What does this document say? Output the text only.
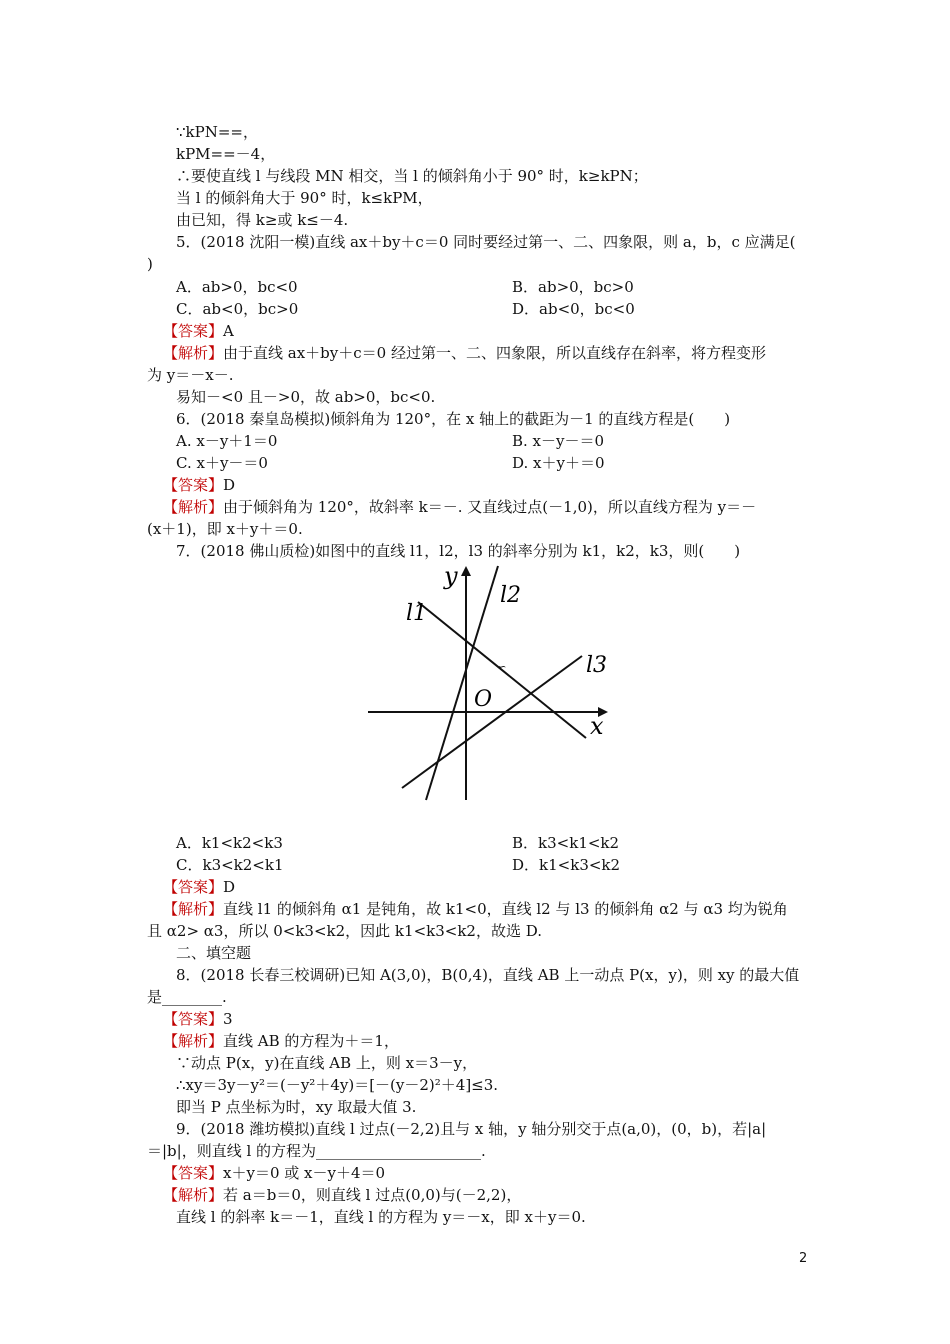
∵kPN==，
kPM==－4，
∴要使直线 l 与线段 MN 相交，当 l 的倾斜角小于 90° 时，k≥kPN；
当 l 的倾斜角大于 90° 时，k≤kPM，
由已知，得 k≥或 k≤－4.
5．(2018 沈阳一模)直线 ax＋by＋c＝0 同时要经过第一、二、四象限，则 a，b，c 应满足(
)
A．ab>0，bc<0	B．ab>0，bc>0
C．ab<0，bc>0	D．ab<0，bc<0
【答案】A
【解析】由于直线 ax＋by＋c＝0 经过第一、二、四象限，所以直线存在斜率，将方程变形
为 y＝－x－.
易知－<0 且－>0，故 ab>0，bc<0.
6．(2018 秦皇岛模拟)倾斜角为 120°，在 x 轴上的截距为－1 的直线方程是(　　)
A. x－y＋1＝0	B. x－y－＝0
C. x＋y－＝0	D. x＋y＋＝0
【答案】D
【解析】由于倾斜角为 120°，故斜率 k＝－. 又直线过点(－1,0)，所以直线方程为 y＝－
(x＋1)，即 x＋y＋＝0.
7．(2018 佛山质检)如图中的直线 l1，l2，l3 的斜率分别为 k1，k2，k3，则(　　)
y
x
O
l1
l2
l3
∽
A．k1<k2<k3	B．k3<k1<k2
C．k3<k2<k1	D．k1<k3<k2
【答案】D
【解析】直线 l1 的倾斜角 α1 是钝角，故 k1<0，直线 l2 与 l3 的倾斜角 α2 与 α3 均为锐角
且 α2> α3，所以 0<k3<k2，因此 k1<k3<k2，故选 D.
二、填空题
8．(2018 长春三校调研)已知 A(3,0)，B(0,4)，直线 AB 上一动点 P(x，y)，则 xy 的最大值
是________.
【答案】3
【解析】直线 AB 的方程为＋＝1，
∵动点 P(x，y)在直线 AB 上，则 x＝3－y，
∴xy＝3y－y²＝(－y²＋4y)＝[－(y－2)²＋4]≤3.
即当 P 点坐标为时，xy 取最大值 3.
9．(2018 潍坊模拟)直线 l 过点(－2,2)且与 x 轴，y 轴分别交于点(a,0)，(0，b)，若|a|
＝|b|，则直线 l 的方程为______________________.
【答案】x＋y＝0 或 x－y＋4＝0
【解析】若 a＝b＝0，则直线 l 过点(0,0)与(－2,2)，
直线 l 的斜率 k＝－1，直线 l 的方程为 y＝－x，即 x＋y＝0.
2
